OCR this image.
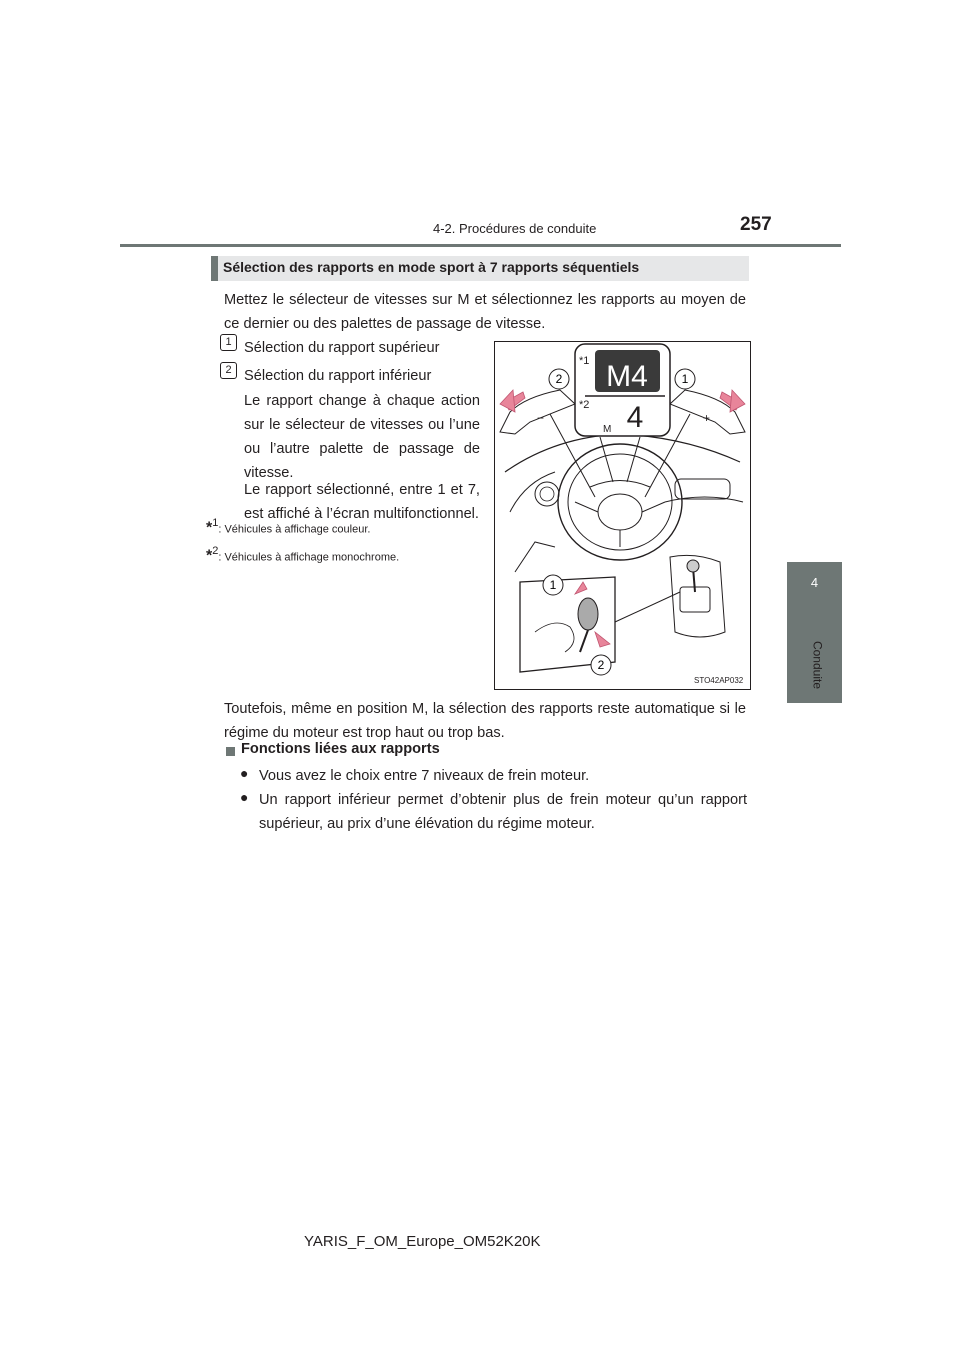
4-2. Procédures de conduite	257
4
Conduite
Sélection des rapports en mode sport à 7 rapports séquentiels
Mettez le sélecteur de vitesses sur M et sélectionnez les rapports au moyen de ce dernier ou des palettes de passage de vitesse.
1 Sélection du rapport supérieur
2 Sélection du rapport inférieur
Le rapport change à chaque action sur le sélecteur de vitesses ou l’une ou l’autre palette de passage de vitesse.
Le rapport sélectionné, entre 1 et 7, est affiché à l’écran multifonctionnel.
*$^1$: Véhicules à affichage couleur.
*$^2$: Véhicules à affichage monochrome.
2	1
1
2
M4
4
M
*1
*2
−	+
STO42AP032
Toutefois, même en position M, la sélection des rapports reste automatique si le régime du moteur est trop haut ou trop bas.
Fonctions liées aux rapports
● Vous avez le choix entre 7 niveaux de frein moteur.
● Un rapport inférieur permet d’obtenir plus de frein moteur qu’un rapport supérieur, au prix d’une élévation du régime moteur.
YARIS_F_OM_Europe_OM52K20K
